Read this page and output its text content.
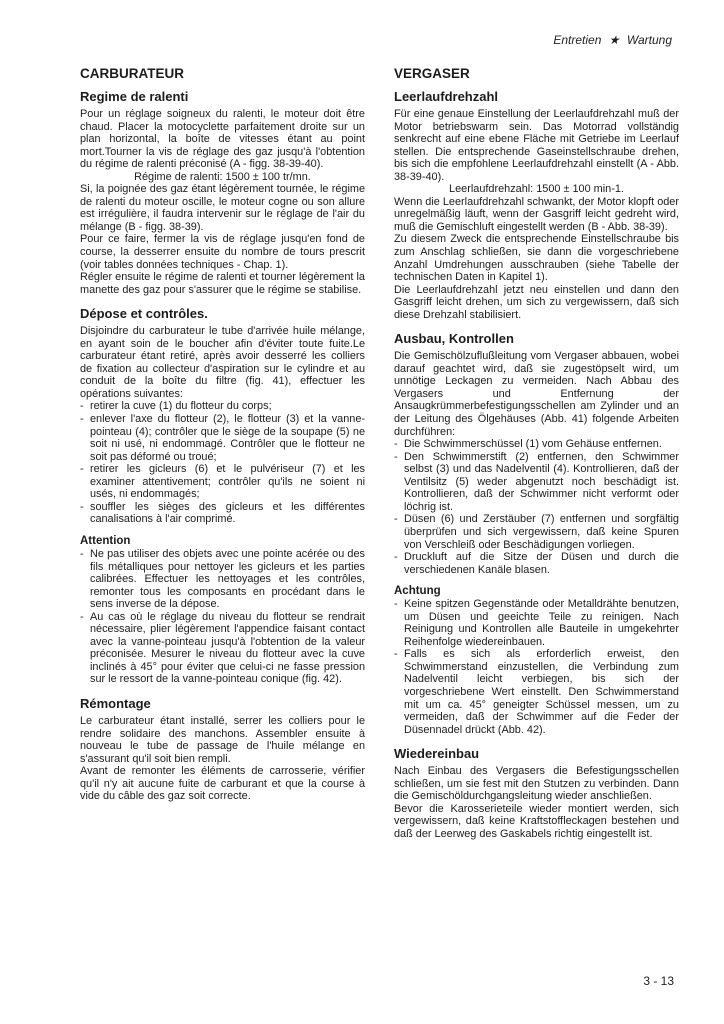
Entretien ★ Wartung
CARBURATEUR
Regime de ralenti

Pour un réglage soigneux du ralenti, le moteur doit être chaud. Placer la motocyclette parfaitement droite sur un plan horizontal, la boîte de vitesses étant au point mort.Tourner la vis de réglage des gaz jusqu'à l'obtention du régime de ralenti préconisé (A - figg. 38-39-40).

Régime de ralenti: 1500 ± 100 tr/mn.

Si, la poignée des gaz étant légèrement tournée, le régime de ralenti du moteur oscille, le moteur cogne ou son allure est irrégulière, il faudra intervenir sur le réglage de l'air du mélange (B - figg. 38-39).

Pour ce faire, fermer la vis de réglage jusqu'en fond de course, la desserrer ensuite du nombre de tours prescrit (voir tables données techniques - Chap. 1).

Régler ensuite le régime de ralenti et tourner légèrement la manette des gaz pour s'assurer que le régime se stabilise.

Dépose et contrôles.

Disjoindre du carburateur le tube d'arrivée huile mélange, en ayant soin de le boucher afin d'éviter toute fuite.Le carburateur étant retiré, après avoir desserré les colliers de fixation au collecteur d'aspiration sur le cylindre et au conduit de la boîte du filtre (fig. 41), effectuer les opérations suivantes:

- retirer la cuve (1) du flotteur du corps;
- enlever l'axe du flotteur (2), le flotteur (3) et la vanne-pointeau (4); contrôler que le siège de la soupape (5) ne soit ni usé, ni endommagé. Contrôler que le flotteur ne soit pas déformé ou troué;
- retirer les gicleurs (6) et le pulvériseur (7) et les examiner attentivement; contrôler qu'ils ne soient ni usés, ni endommagés;
- souffler les sièges des gicleurs et les différentes canalisations à l'air comprimé.
Attention
- Ne pas utiliser des objets avec une pointe acérée ou des fils métalliques pour nettoyer les gicleurs et les parties calibrées. Effectuer les nettoyages et les contrôles, remonter tous les composants en procédant dans le sens inverse de la dépose.
- Au cas où le réglage du niveau du flotteur se rendrait nécessaire, plier légèrement l'appendice faisant contact avec la vanne-pointeau jusqu'à l'obtention de la valeur préconisée. Mesurer le niveau du flotteur avec la cuve inclinés à 45° pour éviter que celui-ci ne fasse pression sur le ressort de la vanne-pointeau conique (fig. 42).
Rémontage

Le carburateur étant installé, serrer les colliers pour le rendre solidaire des manchons. Assembler ensuite à nouveau le tube de passage de l'huile mélange en s'assurant qu'il soit bien rempli.

Avant de remonter les éléments de carrosserie, vérifier qu'il n'y ait aucune fuite de carburant et que la course à vide du câble des gaz soit correcte.

VERGASER
Leerlaufdrehzahl

Für eine genaue Einstellung der Leerlaufdrehzahl muß der Motor betriebswarm sein. Das Motorrad vollständig senkrecht auf eine ebene Fläche mit Getriebe im Leerlauf stellen. Die entsprechende Gaseinstellschraube drehen, bis sich die empfohlene Leerlaufdrehzahl einstellt (A - Abb. 38-39-40).

Leerlaufdrehzahl: 1500 ± 100 min-1.

Wenn die Leerlaufdrehzahl schwankt, der Motor klopft oder unregelmäßig läuft, wenn der Gasgriff leicht gedreht wird, muß die Gemischluft eingestellt werden (B - Abb. 38-39).

Zu diesem Zweck die entsprechende Einstellschraube bis zum Anschlag schließen, sie dann die vorgeschriebene Anzahl Umdrehungen ausschrauben (siehe Tabelle der technischen Daten in Kapitel 1).

Die Leerlaufdrehzahl jetzt neu einstellen und dann den Gasgriff leicht drehen, um sich zu vergewissern, daß sich diese Drehzahl stabilisiert.

Ausbau, Kontrollen

Die Gemischölzuflußleitung vom Vergaser abbauen, wobei darauf geachtet wird, daß sie zugestöpselt wird, um unnötige Leckagen zu vermeiden. Nach Abbau des Vergasers und Entfernung der Ansaugkrümmerbefestigungsschellen am Zylinder und an der Leitung des Ölgehäuses (Abb. 41) folgende Arbeiten durchführen:

- Die Schwimmerschüssel (1) vom Gehäuse entfernen.
- Den Schwimmerstift (2) entfernen, den Schwimmer selbst (3) und das Nadelventil (4). Kontrollieren, daß der Ventilsitz (5) weder abgenutzt noch beschädigt ist. Kontrollieren, daß der Schwimmer nicht verformt oder löchrig ist.
- Düsen (6) und Zerstäuber (7) entfernen und sorgfältig überprüfen und sich vergewissern, daß keine Spuren von Verschleiß oder Beschädigungen vorliegen.
- Druckluft auf die Sitze der Düsen und durch die verschiedenen Kanäle blasen.
Achtung
- Keine spitzen Gegenstände oder Metalldrähte benutzen, um Düsen und geeichte Teile zu reinigen. Nach Reinigung und Kontrollen alle Bauteile in umgekehrter Reihenfolge wiedereinbauen.
- Falls es sich als erforderlich erweist, den Schwimmerstand einzustellen, die Verbindung zum Nadelventil leicht verbiegen, bis sich der vorgeschriebene Wert einstellt. Den Schwimmerstand mit um ca. 45° geneigter Schüssel messen, um zu vermeiden, daß der Schwimmer auf die Feder der Düsennadel drückt (Abb. 42).
Wiedereinbau

Nach Einbau des Vergasers die Befestigungsschellen schließen, um sie fest mit den Stutzen zu verbinden. Dann die Gemischöldurchgangsleitung wieder anschließen.

Bevor die Karosserieteile wieder montiert werden, sich vergewissern, daß keine Kraftstoffleckagen bestehen und daß der Leerweg des Gaskabels richtig eingestellt ist.

3 - 13
